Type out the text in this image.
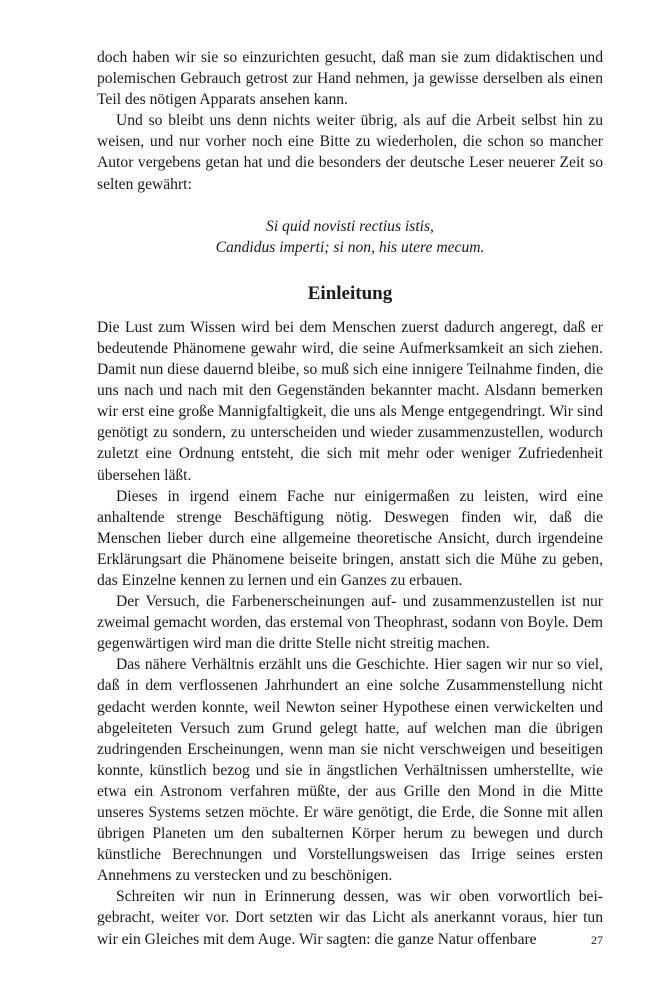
doch haben wir sie so einzurichten gesucht, daß man sie zum didaktischen und polemischen Gebrauch getrost zur Hand nehmen, ja gewisse derselben als einen Teil des nötigen Apparats ansehen kann.

Und so bleibt uns denn nichts weiter übrig, als auf die Arbeit selbst hin zu weisen, und nur vorher noch eine Bitte zu wiederholen, die schon so mancher Autor vergebens getan hat und die besonders der deutsche Leser neuerer Zeit so selten gewährt:

Si quid novisti rectius istis,
Candidus imperti; si non, his utere mecum.
Einleitung

Die Lust zum Wissen wird bei dem Menschen zuerst dadurch angeregt, daß er bedeutende Phänomene gewahr wird, die seine Aufmerksamkeit an sich ziehen. Damit nun diese dauernd bleibe, so muß sich eine innigere Teilnahme finden, die uns nach und nach mit den Gegenständen bekannter macht. Alsdann bemerken wir erst eine große Mannigfaltigkeit, die uns als Menge entgegendringt. Wir sind genötigt zu sondern, zu unterscheiden und wieder zusammenzustellen, wodurch zuletzt eine Ordnung entsteht, die sich mit mehr oder weniger Zufriedenheit übersehen läßt.

Dieses in irgend einem Fache nur einigermaßen zu leisten, wird eine anhaltende strenge Beschäftigung nötig. Deswegen finden wir, daß die Menschen lieber durch eine allgemeine theoretische Ansicht, durch irgendeine Erklärungsart die Phänomene beiseite bringen, anstatt sich die Mühe zu geben, das Einzelne kennen zu lernen und ein Ganzes zu erbauen.

Der Versuch, die Farbenerscheinungen auf- und zusammenzustellen ist nur zweimal gemacht worden, das erstemal von Theophrast, sodann von Boyle. Dem gegenwärtigen wird man die dritte Stelle nicht streitig machen.

Das nähere Verhältnis erzählt uns die Geschichte. Hier sagen wir nur so viel, daß in dem verflossenen Jahrhundert an eine solche Zusammenstellung nicht gedacht werden konnte, weil Newton seiner Hypothese einen verwickelten und abgeleiteten Versuch zum Grund gelegt hatte, auf welchen man die übrigen zudringenden Erscheinungen, wenn man sie nicht verschweigen und beseitigen konnte, künstlich bezog und sie in ängstlichen Verhältnissen umherstellte, wie etwa ein Astronom verfahren müßte, der aus Grille den Mond in die Mitte unseres Systems setzen möchte. Er wäre genötigt, die Erde, die Sonne mit allen übrigen Planeten um den subalternen Körper herum zu bewegen und durch künstliche Berechnungen und Vorstellungsweisen das Irrige seines ersten Annehmens zu verstecken und zu beschönigen.

Schreiten wir nun in Erinnerung dessen, was wir oben vorwortlich beigebracht, weiter vor. Dort setzten wir das Licht als anerkannt voraus, hier tun wir ein Gleiches mit dem Auge. Wir sagten: die ganze Natur offenbare	27
